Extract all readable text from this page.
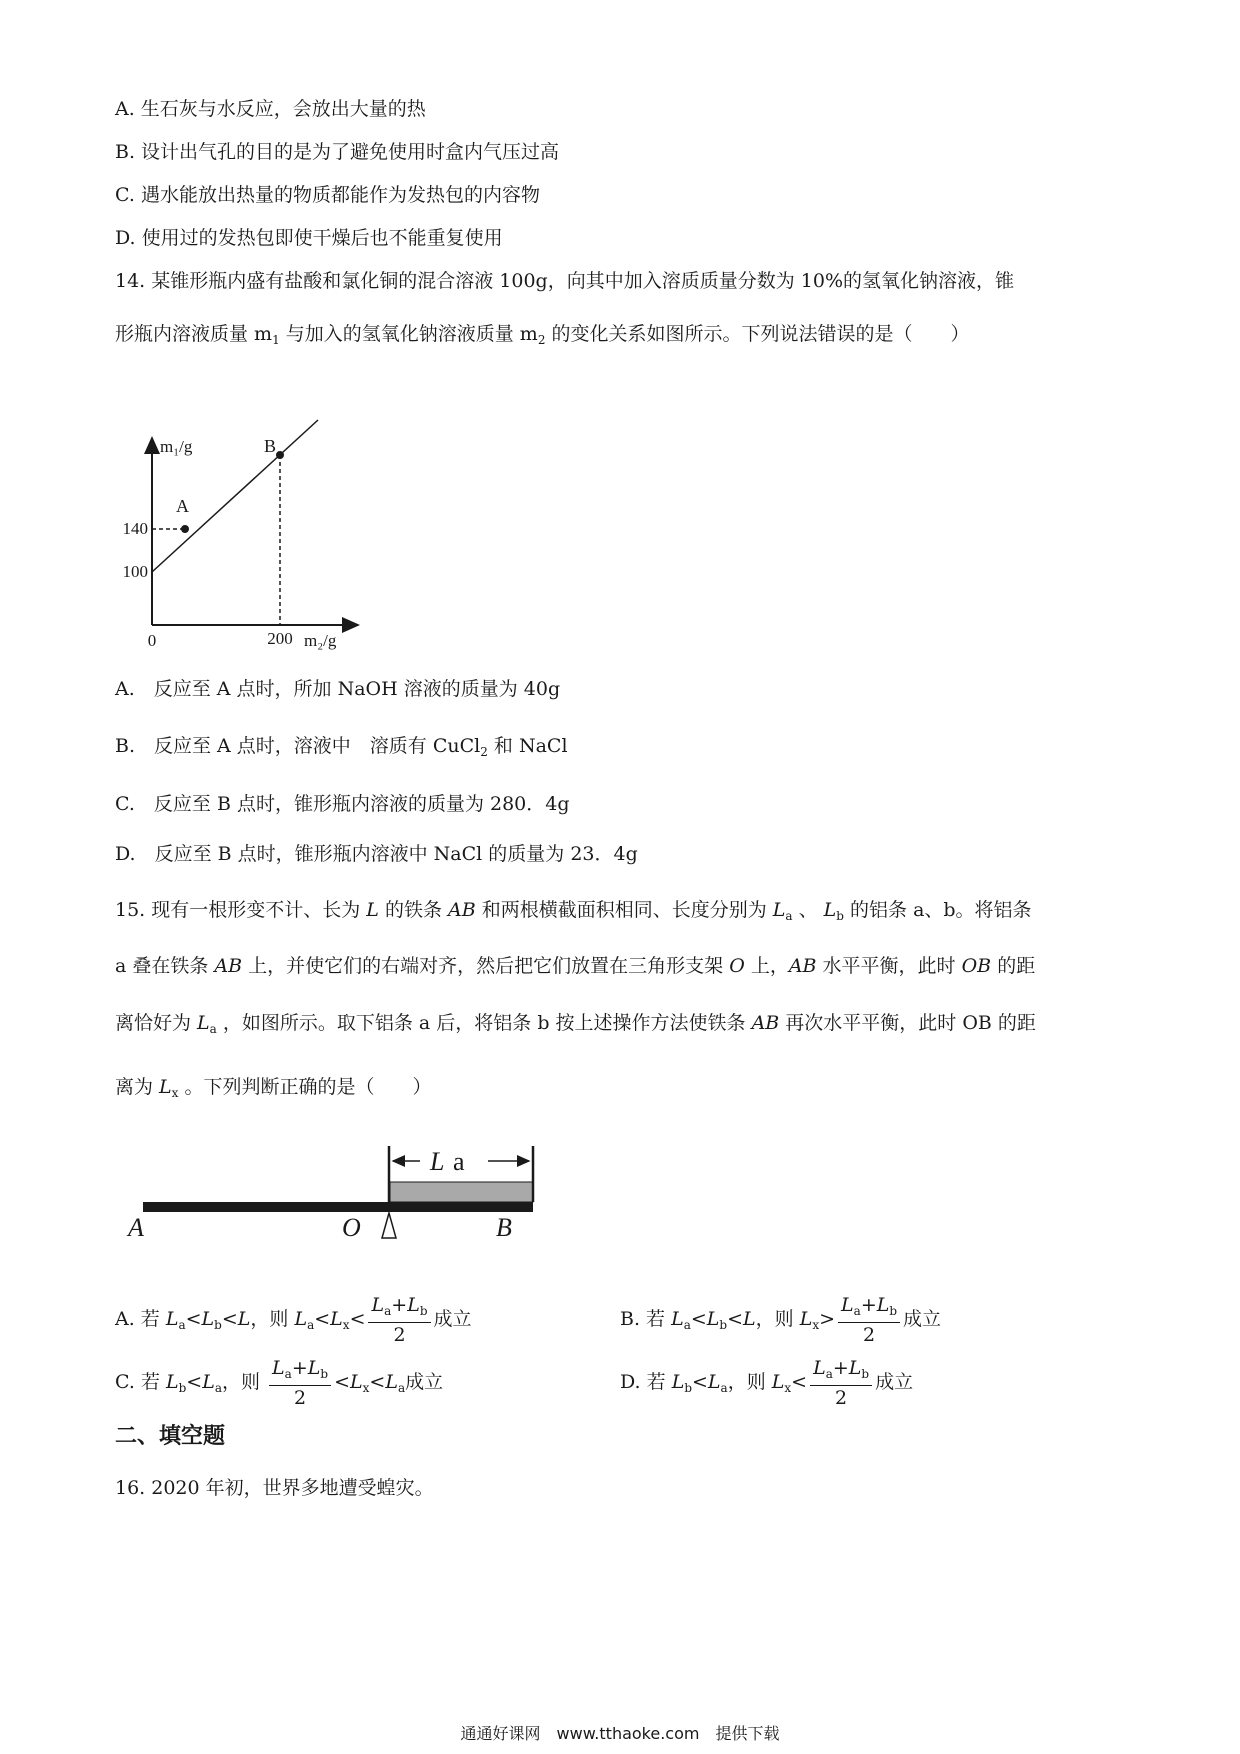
A. 生石灰与水反应，会放出大量的热
B. 设计出气孔的目的是为了避免使用时盒内气压过高
C. 遇水能放出热量的物质都能作为发热包的内容物
D. 使用过的发热包即使干燥后也不能重复使用
14. 某锥形瓶内盛有盐酸和氯化铜的混合溶液 100g，向其中加入溶质质量分数为 10%的氢氧化钠溶液，锥
形瓶内溶液质量 $m_1$ 与加入的氢氧化钠溶液质量 $m_2$ 的变化关系如图所示。下列说法错误的是（　　）
m₁/g
m₂/g
140
100
0	200
A
B
A.　反应至 A 点时，所加 NaOH 溶液的质量为 40g
B.　反应至 A 点时，溶液中　溶质有 CuCl$_2$ 和 NaCl
C.　反应至 B 点时，锥形瓶内溶液的质量为 280．4g
D.　反应至 B 点时，锥形瓶内溶液中 NaCl 的质量为 23．4g
15. 现有一根形变不计、长为 L 的铁条 AB 和两根横截面积相同、长度分别为 $L_a$ 、 $L_b$ 的铝条 a、b。将铝条
a 叠在铁条 AB 上，并使它们的右端对齐，然后把它们放置在三角形支架 O 上，AB 水平平衡，此时 OB 的距
离恰好为 $L_a$ ，如图所示。取下铝条 a 后，将铝条 b 按上述操作方法使铁条 AB 再次水平平衡，此时 OB 的距
离为 $L_x$ 。下列判断正确的是（　　）
L a
A	O	B
A. 若 $L_a<L_b<L$，则 $L_a<L_x< \frac{L_a+L_b}{2}$ 成立	B. 若 $L_a<L_b<L$，则 $L_x> \frac{L_a+L_b}{2}$ 成立
C. 若 $L_b<L_a$，则 $\frac{L_a+L_b}{2} <L_x<L_a$成立	D. 若 $L_b<L_a$，则 $L_x< \frac{L_a+L_b}{2}$ 成立
二、填空题
16. 2020 年初，世界多地遭受蝗灾。
通通好课网　www.tthaoke.com　提供下载
